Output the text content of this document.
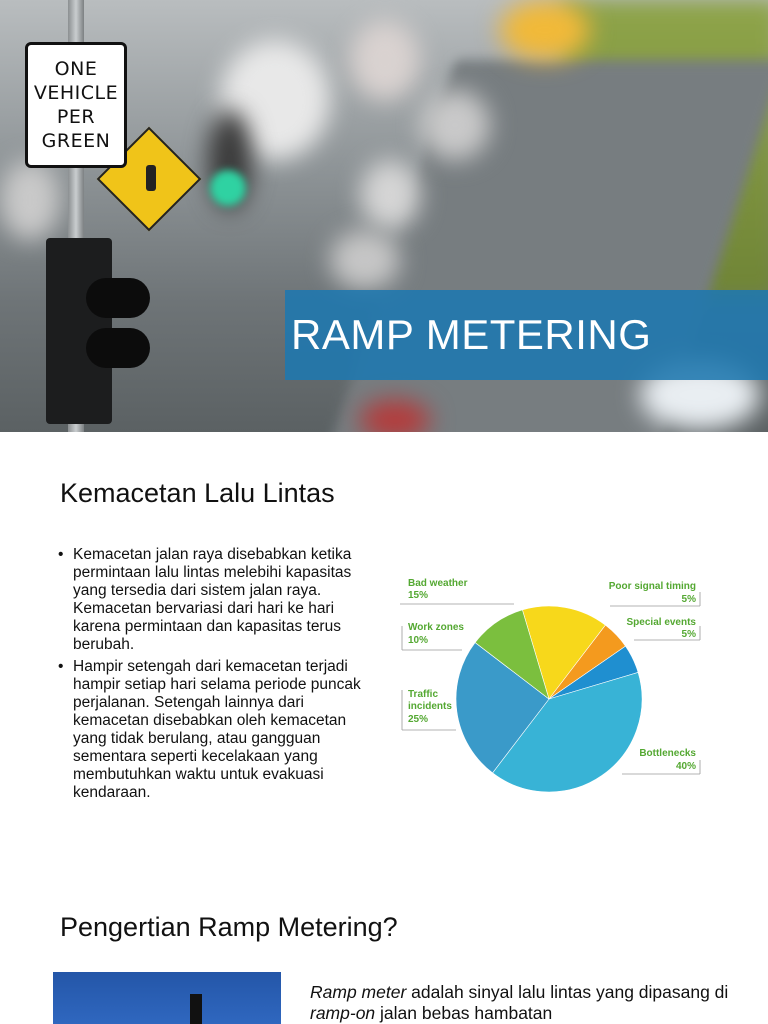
ONE
VEHICLE
PER
GREEN
RAMP METERING
Kemacetan Lalu Lintas
• Kemacetan jalan raya disebabkan ketika permintaan lalu lintas melebihi kapasitas yang tersedia dari sistem jalan raya. Kemacetan bervariasi dari hari ke hari karena permintaan dan kapasitas terus berubah.
• Hampir setengah dari kemacetan terjadi hampir setiap hari selama periode puncak perjalanan. Setengah lainnya dari kemacetan disebabkan oleh kemacetan yang tidak berulang, atau gangguan sementara seperti kecelakaan yang membutuhkan waktu untuk evakuasi kendaraan.
Bad weather
15%
Poor signal timing
5%
Special events
5%
Work zones
10%
Traffic
incidents
25%
Bottlenecks
40%
Pengertian Ramp Metering?
Ramp meter adalah sinyal lalu lintas yang dipasang di ramp-on jalan bebas hambatan
